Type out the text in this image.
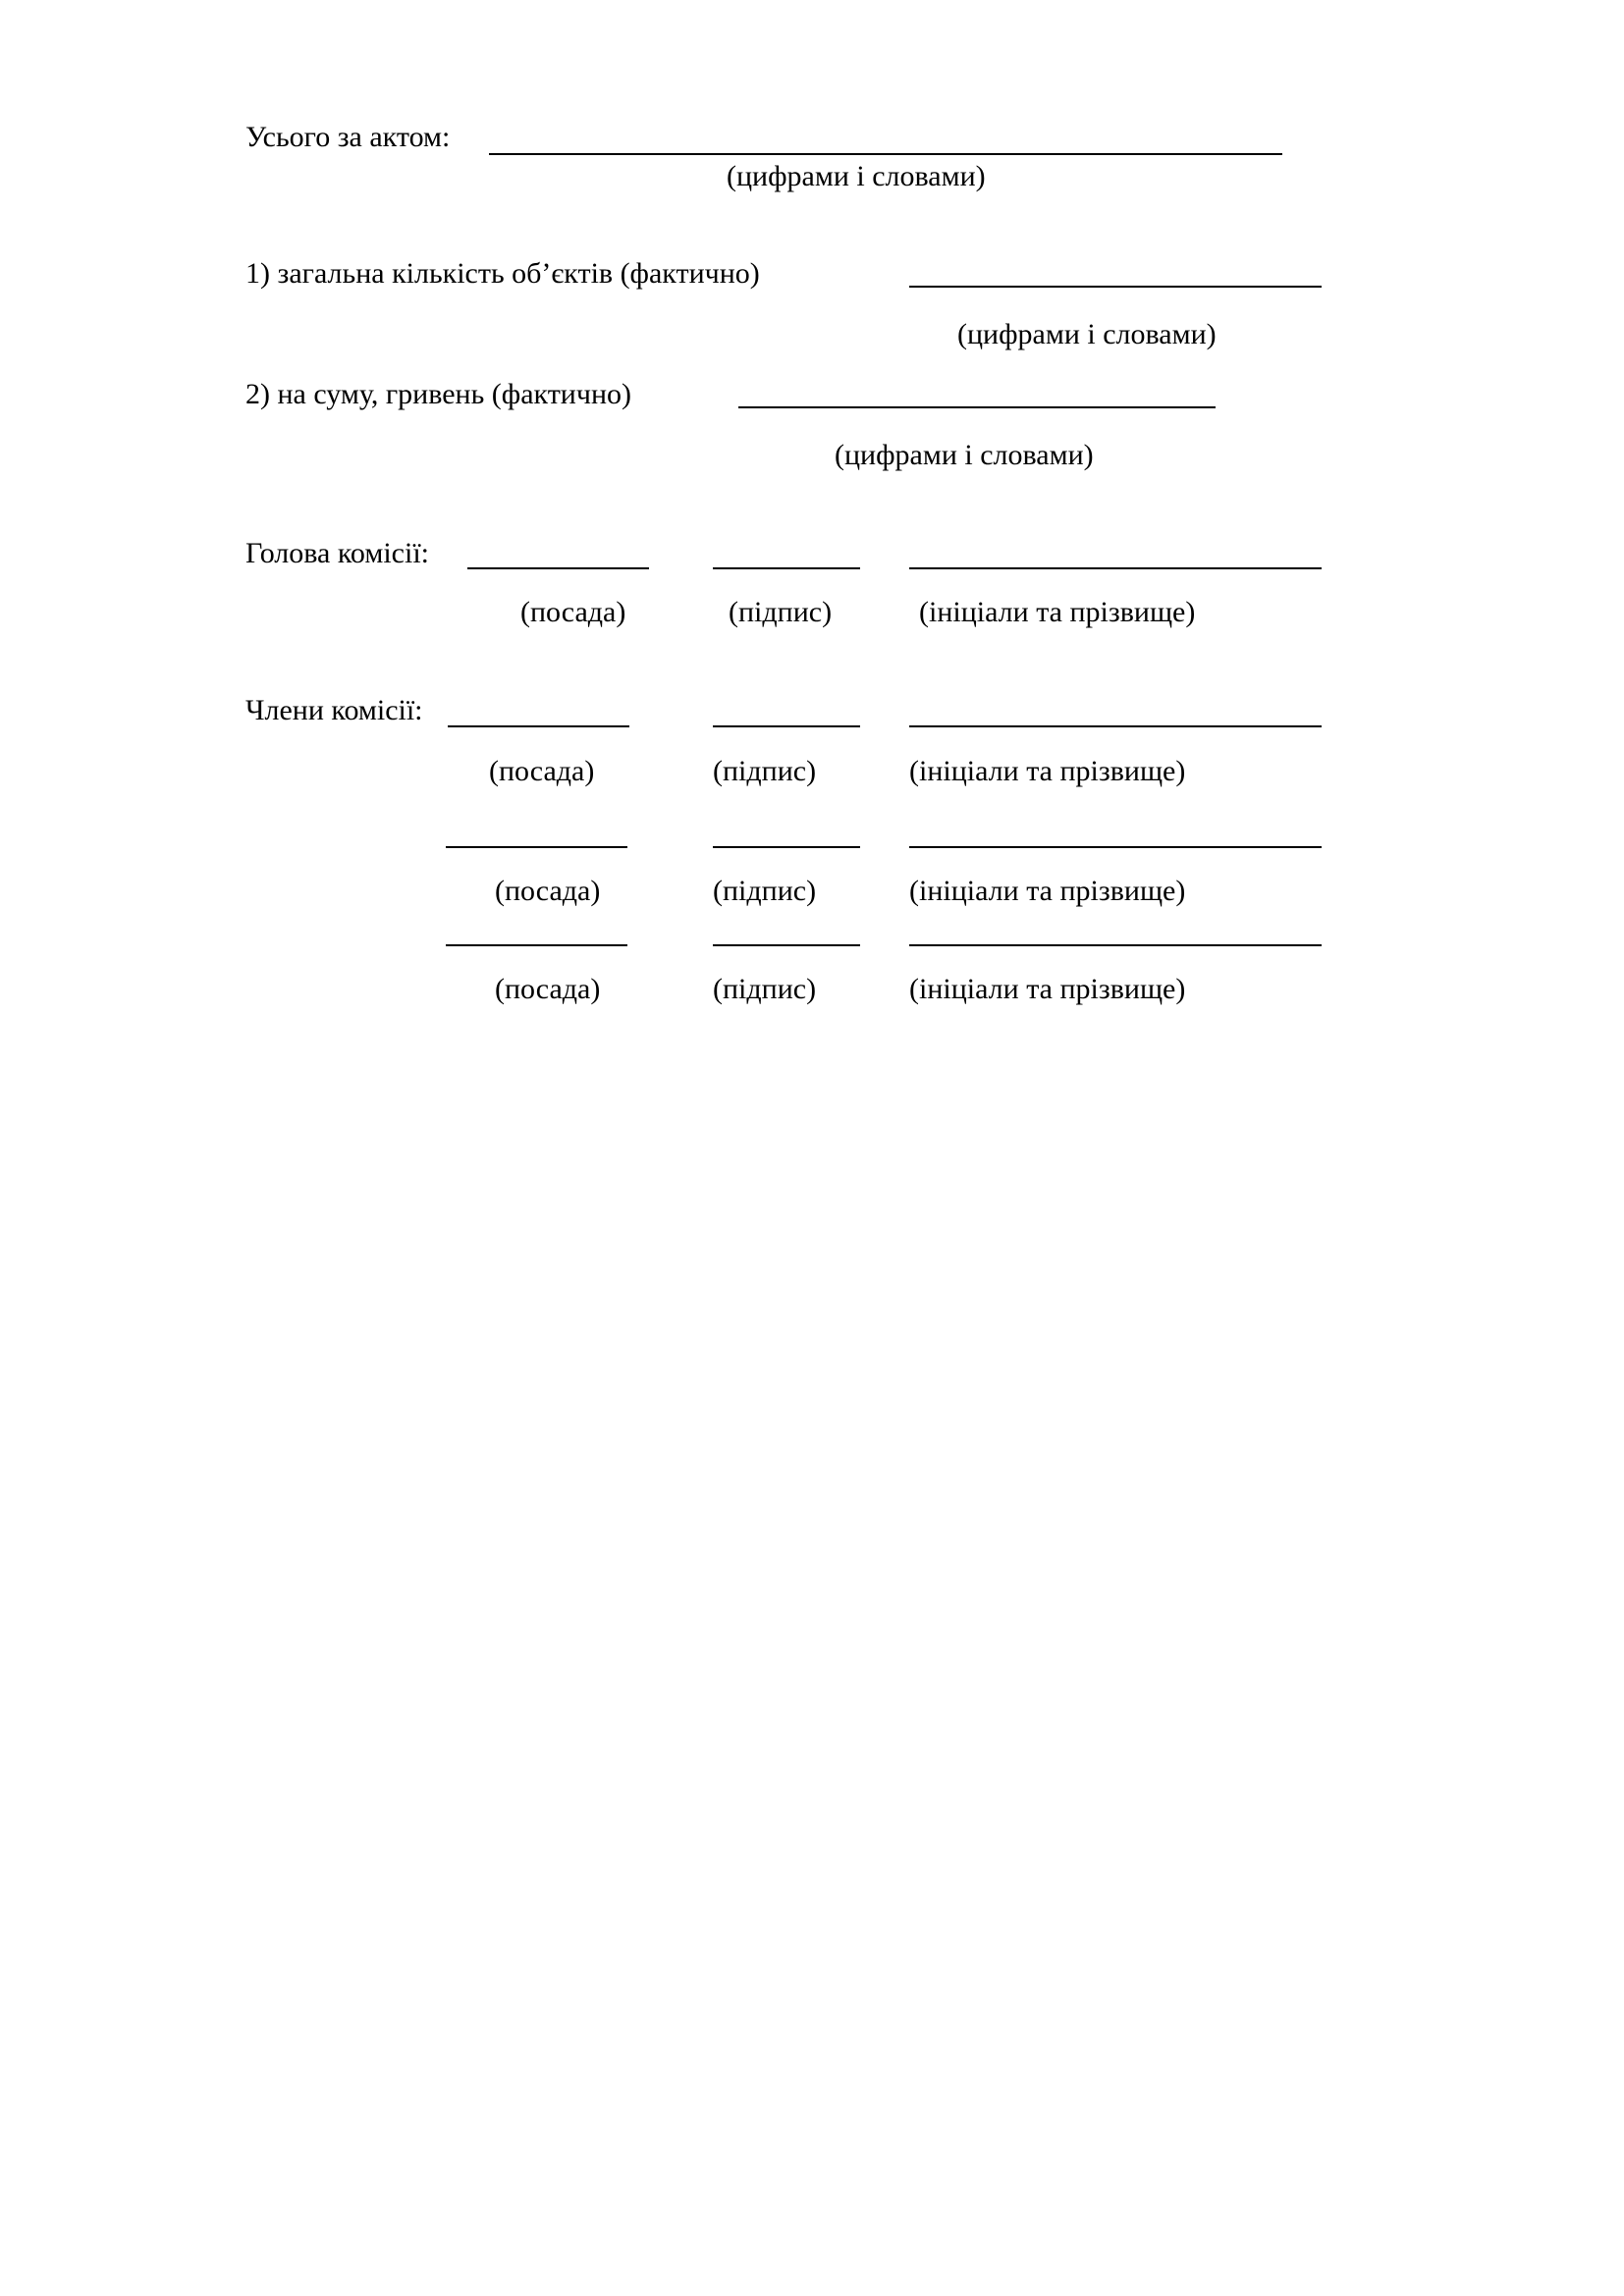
Усього за актом:
(цифрами і словами)
1) загальна кількість об’єктів (фактично)
(цифрами і словами)
2) на суму, гривень (фактично)
(цифрами і словами)
Голова комісії:
(посада)	(підпис)	(ініціали та прізвище)
Члени комісії:
(посада)	(підпис)	(ініціали та прізвище)
(посада)	(підпис)	(ініціали та прізвище)
(посада)	(підпис)	(ініціали та прізвище)
